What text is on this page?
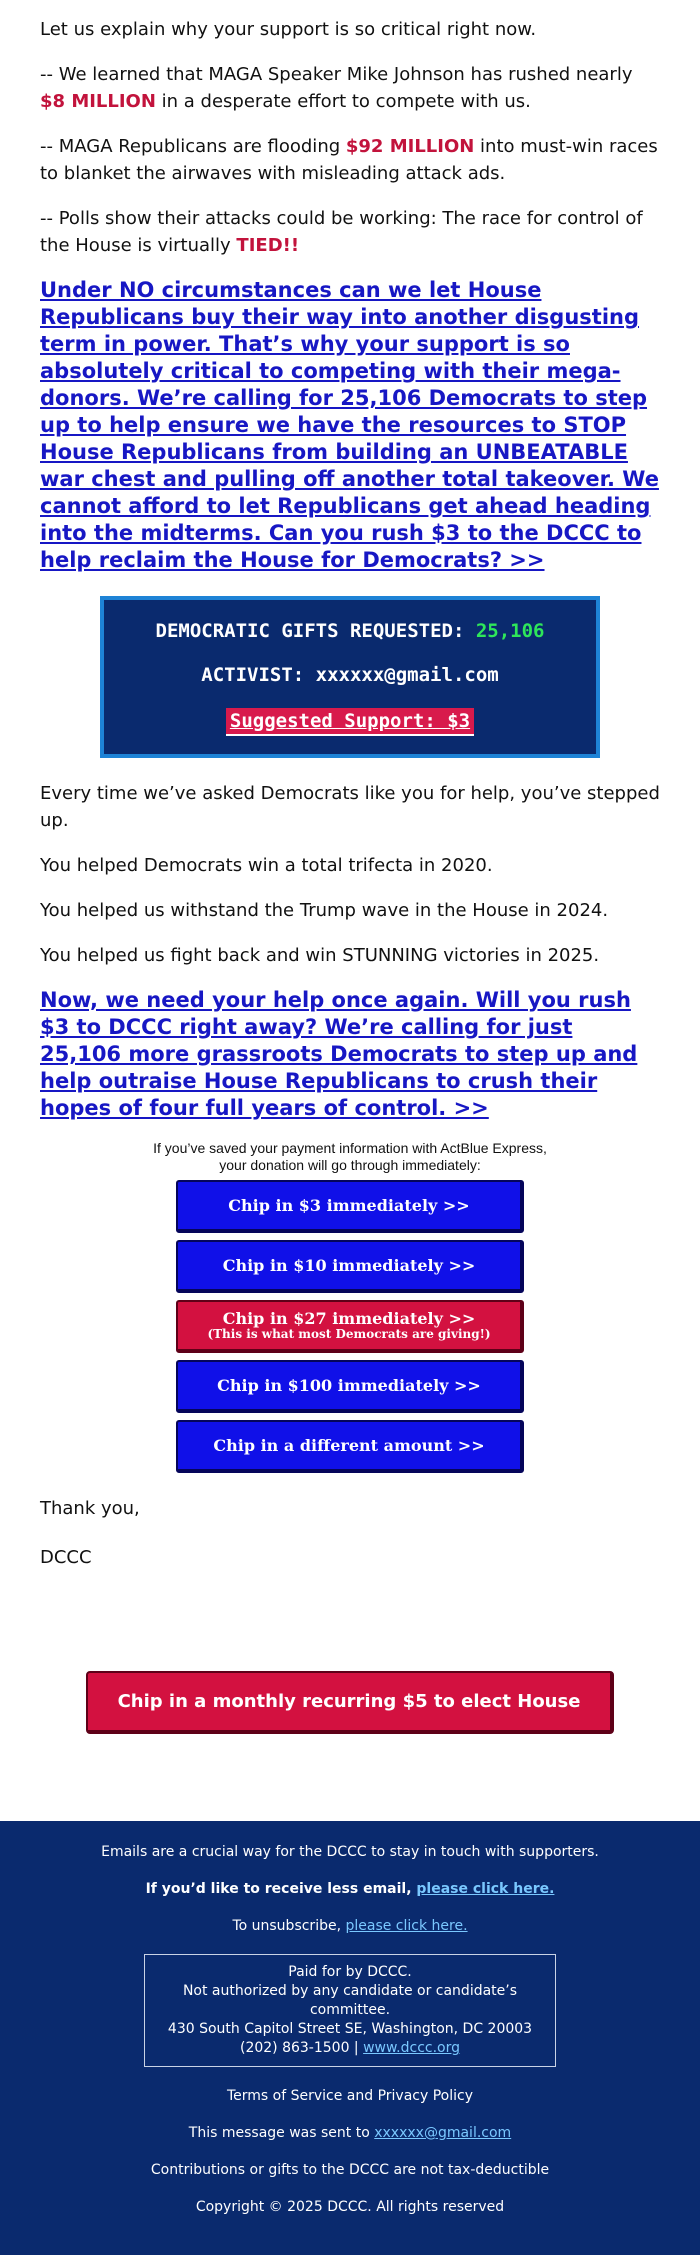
Let us explain why your support is so critical right now.

-- We learned that MAGA Speaker Mike Johnson has rushed nearly $8 MILLION in a desperate effort to compete with us.

-- MAGA Republicans are flooding $92 MILLION into must-win races to blanket the airwaves with misleading attack ads.

-- Polls show their attacks could be working: The race for control of the House is virtually TIED!!

Under NO circumstances can we let House Republicans buy their way into another disgusting term in power. That’s why your support is so absolutely critical to competing with their mega-donors. We’re calling for 25,106 Democrats to step up to help ensure we have the resources to STOP House Republicans from building an UNBEATABLE war chest and pulling off another total takeover. We cannot afford to let Republicans get ahead heading into the midterms. Can you rush $3 to the DCCC to help reclaim the House for Democrats? >>
DEMOCRATIC GIFTS REQUESTED: 25,106
ACTIVIST: xxxxxx@gmail.com
Suggested Support: $3

Every time we’ve asked Democrats like you for help, you’ve stepped up.

You helped Democrats win a total trifecta in 2020.

You helped us withstand the Trump wave in the House in 2024.

You helped us fight back and win STUNNING victories in 2025.

Now, we need your help once again. Will you rush $3 to DCCC right away? We’re calling for just 25,106 more grassroots Democrats to step up and help outraise House Republicans to crush their hopes of four full years of control. >>
If you’ve saved your payment information with ActBlue Express,
your donation will go through immediately:
Chip in $3 immediately >>
Chip in $10 immediately >>
Chip in $27 immediately >>
(This is what most Democrats are giving!)
Chip in $100 immediately >>
Chip in a different amount >>

Thank you,

DCCC

Chip in a monthly recurring $5 to elect House Dems >>

Emails are a crucial way for the DCCC to stay in touch with supporters.

If you’d like to receive less email, please click here.

To unsubscribe, please click here.

Paid for by DCCC.
Not authorized by any candidate or candidate’s committee.
430 South Capitol Street SE, Washington, DC 20003
(202) 863-1500 | www.dccc.org

Terms of Service and Privacy Policy

This message was sent to xxxxxx@gmail.com

Contributions or gifts to the DCCC are not tax-deductible

Copyright © 2025 DCCC. All rights reserved
